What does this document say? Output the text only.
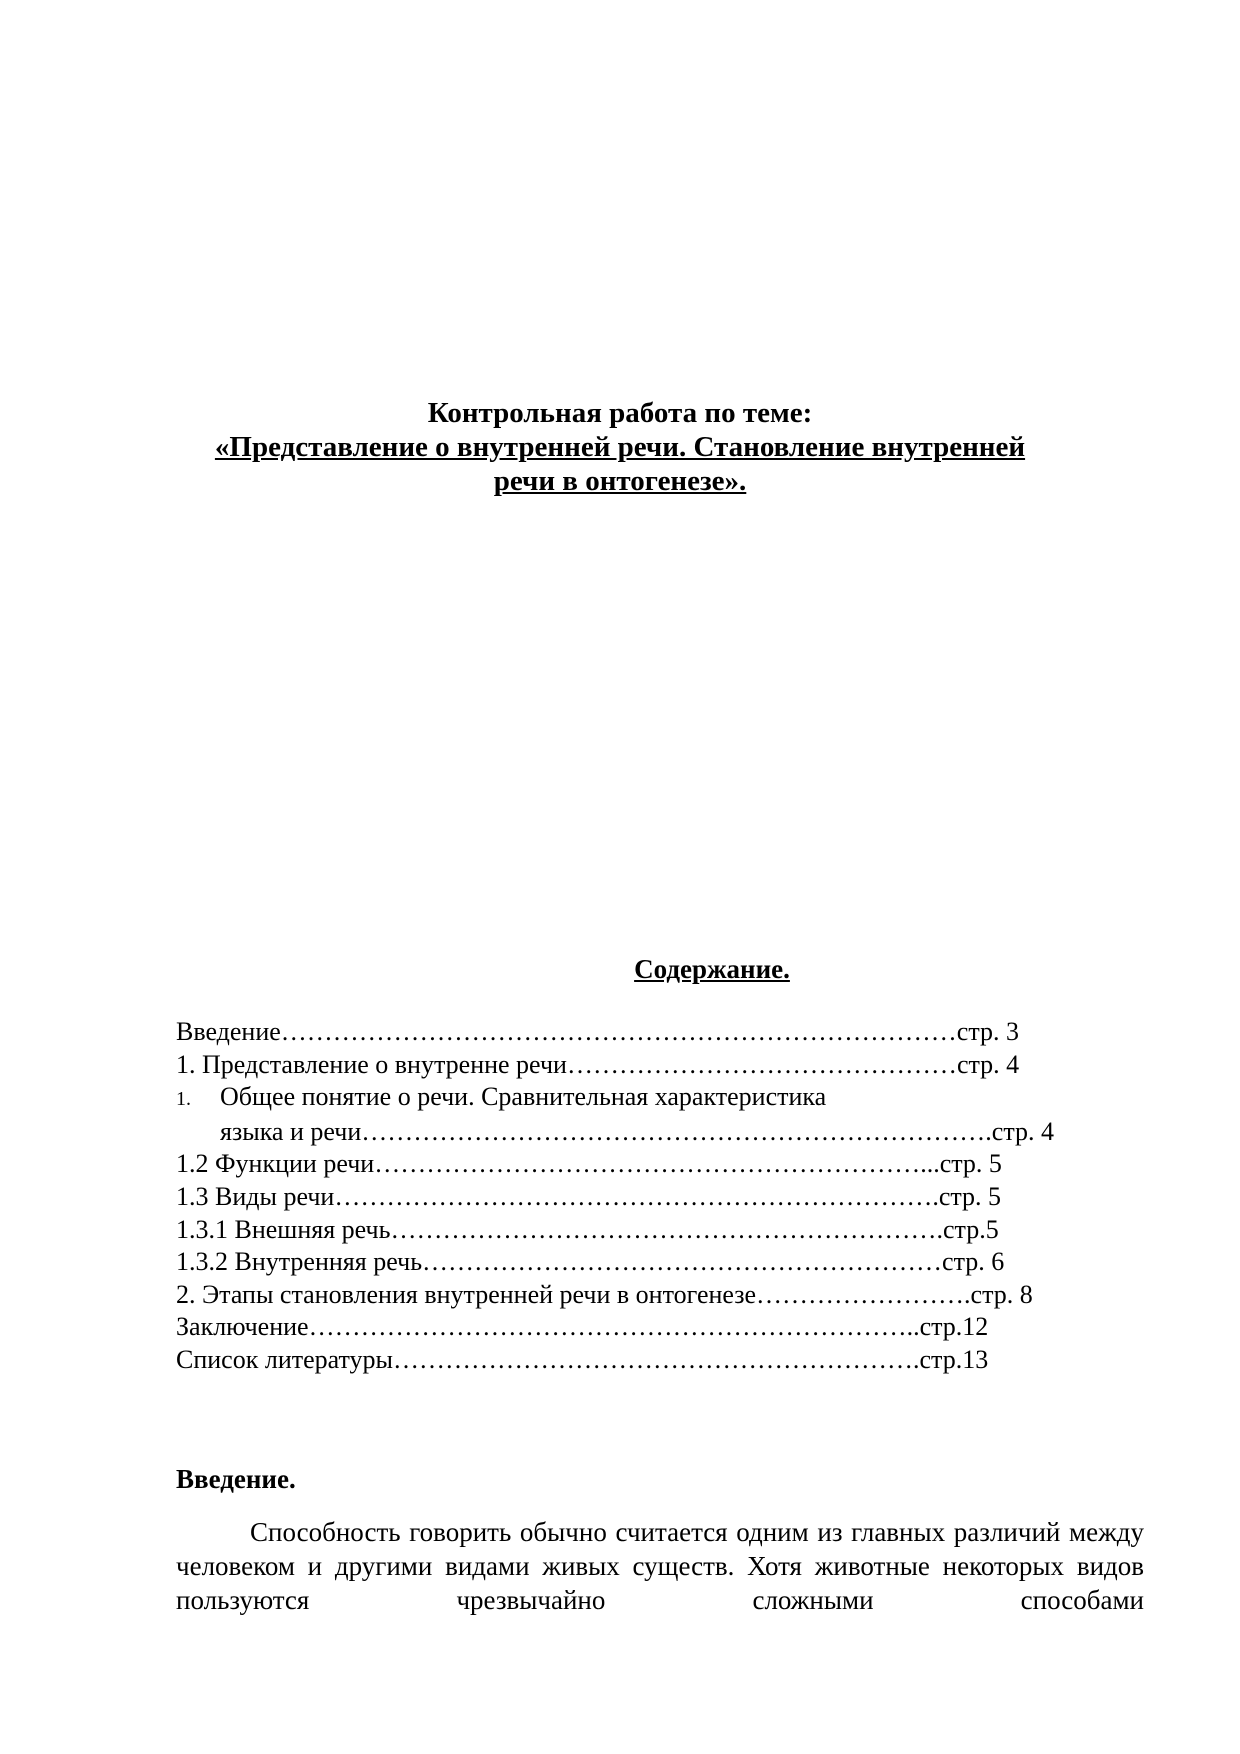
Контрольная работа по теме:
«Представление о внутренней речи. Становление внутренней
речи в онтогенезе».
Содержание.
Введение……………………………………………………………………стр. 3
1. Представление о внутренне речи………………………………………стр. 4
1. Общее понятие о речи. Сравнительная характеристика
языка и речи……………………………………………………………….стр. 4
1.2 Функции речи………………………………………………………...стр. 5
1.3 Виды речи…………………………………………………………….стр. 5
1.3.1 Внешняя речь……………………………………………………….стр.5
1.3.2 Внутренняя речь……………………………………………………стр. 6
2. Этапы становления внутренней речи в онтогенезе…………………….стр. 8
Заключение……………………………………………………………..стр.12
Список литературы…………………………………………………….стр.13
Введение.
Способность говорить обычно считается одним из главных различий между человеком и другими видами живых существ. Хотя животные некоторых видов пользуются чрезвычайно сложными способами
